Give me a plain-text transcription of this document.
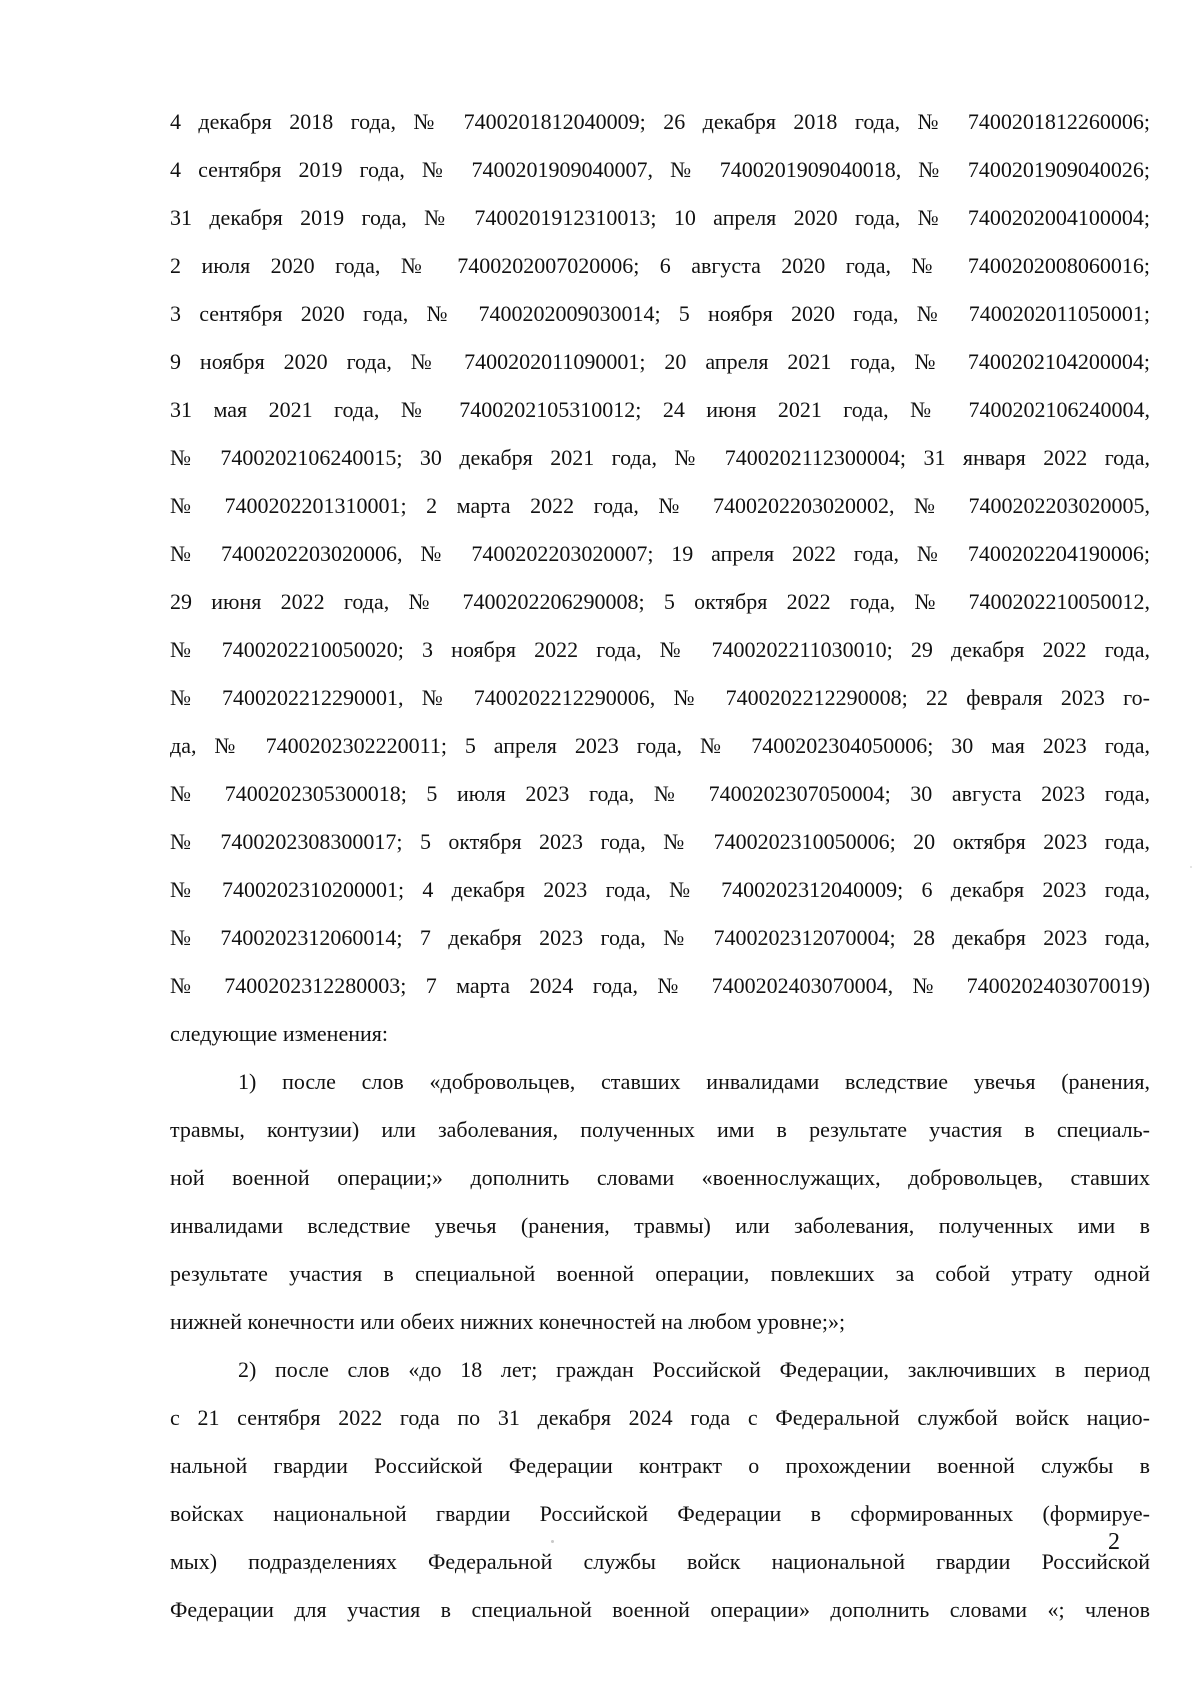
4 декабря 2018 года, № 7400201812040009; 26 декабря 2018 года, № 7400201812260006;
4 сентября 2019 года, № 7400201909040007, № 7400201909040018, № 7400201909040026;
31 декабря 2019 года, № 7400201912310013; 10 апреля 2020 года, № 7400202004100004;
2 июля 2020 года, № 7400202007020006; 6 августа 2020 года, № 7400202008060016;
3 сентября 2020 года, № 7400202009030014; 5 ноября 2020 года, № 7400202011050001;
9 ноября 2020 года, № 7400202011090001; 20 апреля 2021 года, № 7400202104200004;
31 мая 2021 года, № 7400202105310012; 24 июня 2021 года, № 7400202106240004,
№ 7400202106240015; 30 декабря 2021 года, № 7400202112300004; 31 января 2022 года,
№ 7400202201310001; 2 марта 2022 года, № 7400202203020002, № 7400202203020005,
№ 7400202203020006, № 7400202203020007; 19 апреля 2022 года, № 7400202204190006;
29 июня 2022 года, № 7400202206290008; 5 октября 2022 года, № 7400202210050012,
№ 7400202210050020; 3 ноября 2022 года, № 7400202211030010; 29 декабря 2022 года,
№ 7400202212290001, № 7400202212290006, № 7400202212290008; 22 февраля 2023 го-
да, № 7400202302220011; 5 апреля 2023 года, № 7400202304050006; 30 мая 2023 года,
№ 7400202305300018; 5 июля 2023 года, № 7400202307050004; 30 августа 2023 года,
№ 7400202308300017; 5 октября 2023 года, № 7400202310050006; 20 октября 2023 года,
№ 7400202310200001; 4 декабря 2023 года, № 7400202312040009; 6 декабря 2023 года,
№ 7400202312060014; 7 декабря 2023 года, № 7400202312070004; 28 декабря 2023 года,
№ 7400202312280003; 7 марта 2024 года, № 7400202403070004, № 7400202403070019)
следующие изменения:
1) после слов «добровольцев, ставших инвалидами вследствие увечья (ранения,
травмы, контузии) или заболевания, полученных ими в результате участия в специаль-
ной военной операции;» дополнить словами «военнослужащих, добровольцев, ставших
инвалидами вследствие увечья (ранения, травмы) или заболевания, полученных ими в
результате участия в специальной военной операции, повлекших за собой утрату одной
нижней конечности или обеих нижних конечностей на любом уровне;»;
2) после слов «до 18 лет; граждан Российской Федерации, заключивших в период
с 21 сентября 2022 года по 31 декабря 2024 года с Федеральной службой войск нацио-
нальной гвардии Российской Федерации контракт о прохождении военной службы в
войсках национальной гвардии Российской Федерации в сформированных (формируе-
мых) подразделениях Федеральной службы войск национальной гвардии Российской
Федерации для участия в специальной военной операции» дополнить словами «; членов
2
